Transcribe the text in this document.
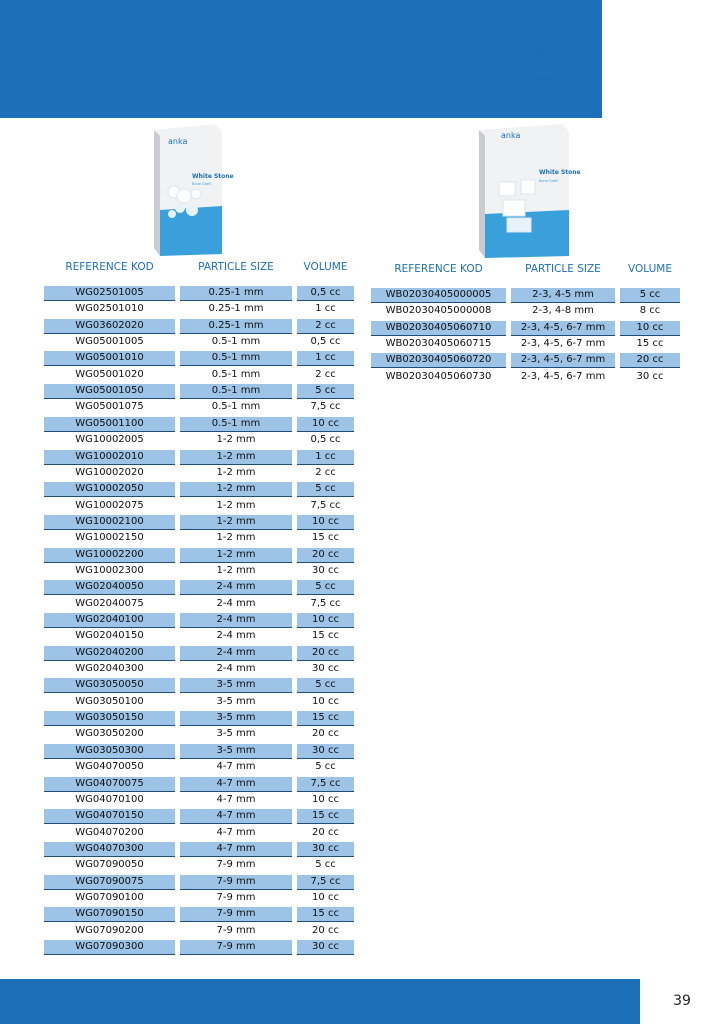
anka
biyolojik
anka
White Stone
Bone Graft
anka
White Stone
Bone Graft
REFERENCE KOD	PARTICLE SIZE	VOLUME
WG02501005	0.25-1 mm	0,5 cc
WG02501010	0.25-1 mm	1 cc
WG03602020	0.25-1 mm	2 cc
WG05001005	0.5-1 mm	0,5 cc
WG05001010	0.5-1 mm	1 cc
WG05001020	0.5-1 mm	2 cc
WG05001050	0.5-1 mm	5 cc
WG05001075	0.5-1 mm	7,5 cc
WG05001100	0.5-1 mm	10 cc
WG10002005	1-2 mm	0,5 cc
WG10002010	1-2 mm	1 cc
WG10002020	1-2 mm	2 cc
WG10002050	1-2 mm	5 cc
WG10002075	1-2 mm	7,5 cc
WG10002100	1-2 mm	10 cc
WG10002150	1-2 mm	15 cc
WG10002200	1-2 mm	20 cc
WG10002300	1-2 mm	30 cc
WG02040050	2-4 mm	5 cc
WG02040075	2-4 mm	7,5 cc
WG02040100	2-4 mm	10 cc
WG02040150	2-4 mm	15 cc
WG02040200	2-4 mm	20 cc
WG02040300	2-4 mm	30 cc
WG03050050	3-5 mm	5 cc
WG03050100	3-5 mm	10 cc
WG03050150	3-5 mm	15 cc
WG03050200	3-5 mm	20 cc
WG03050300	3-5 mm	30 cc
WG04070050	4-7 mm	5 cc
WG04070075	4-7 mm	7,5 cc
WG04070100	4-7 mm	10 cc
WG04070150	4-7 mm	15 cc
WG04070200	4-7 mm	20 cc
WG04070300	4-7 mm	30 cc
WG07090050	7-9 mm	5 cc
WG07090075	7-9 mm	7,5 cc
WG07090100	7-9 mm	10 cc
WG07090150	7-9 mm	15 cc
WG07090200	7-9 mm	20 cc
WG07090300	7-9 mm	30 cc
REFERENCE KOD	PARTICLE SIZE	VOLUME
WB02030405000005	2-3, 4-5 mm	5 cc
WB02030405000008	2-3, 4-8 mm	8 cc
WB02030405060710	2-3, 4-5, 6-7 mm	10 cc
WB02030405060715	2-3, 4-5, 6-7 mm	15 cc
WB02030405060720	2-3, 4-5, 6-7 mm	20 cc
WB02030405060730	2-3, 4-5, 6-7 mm	30 cc
39
